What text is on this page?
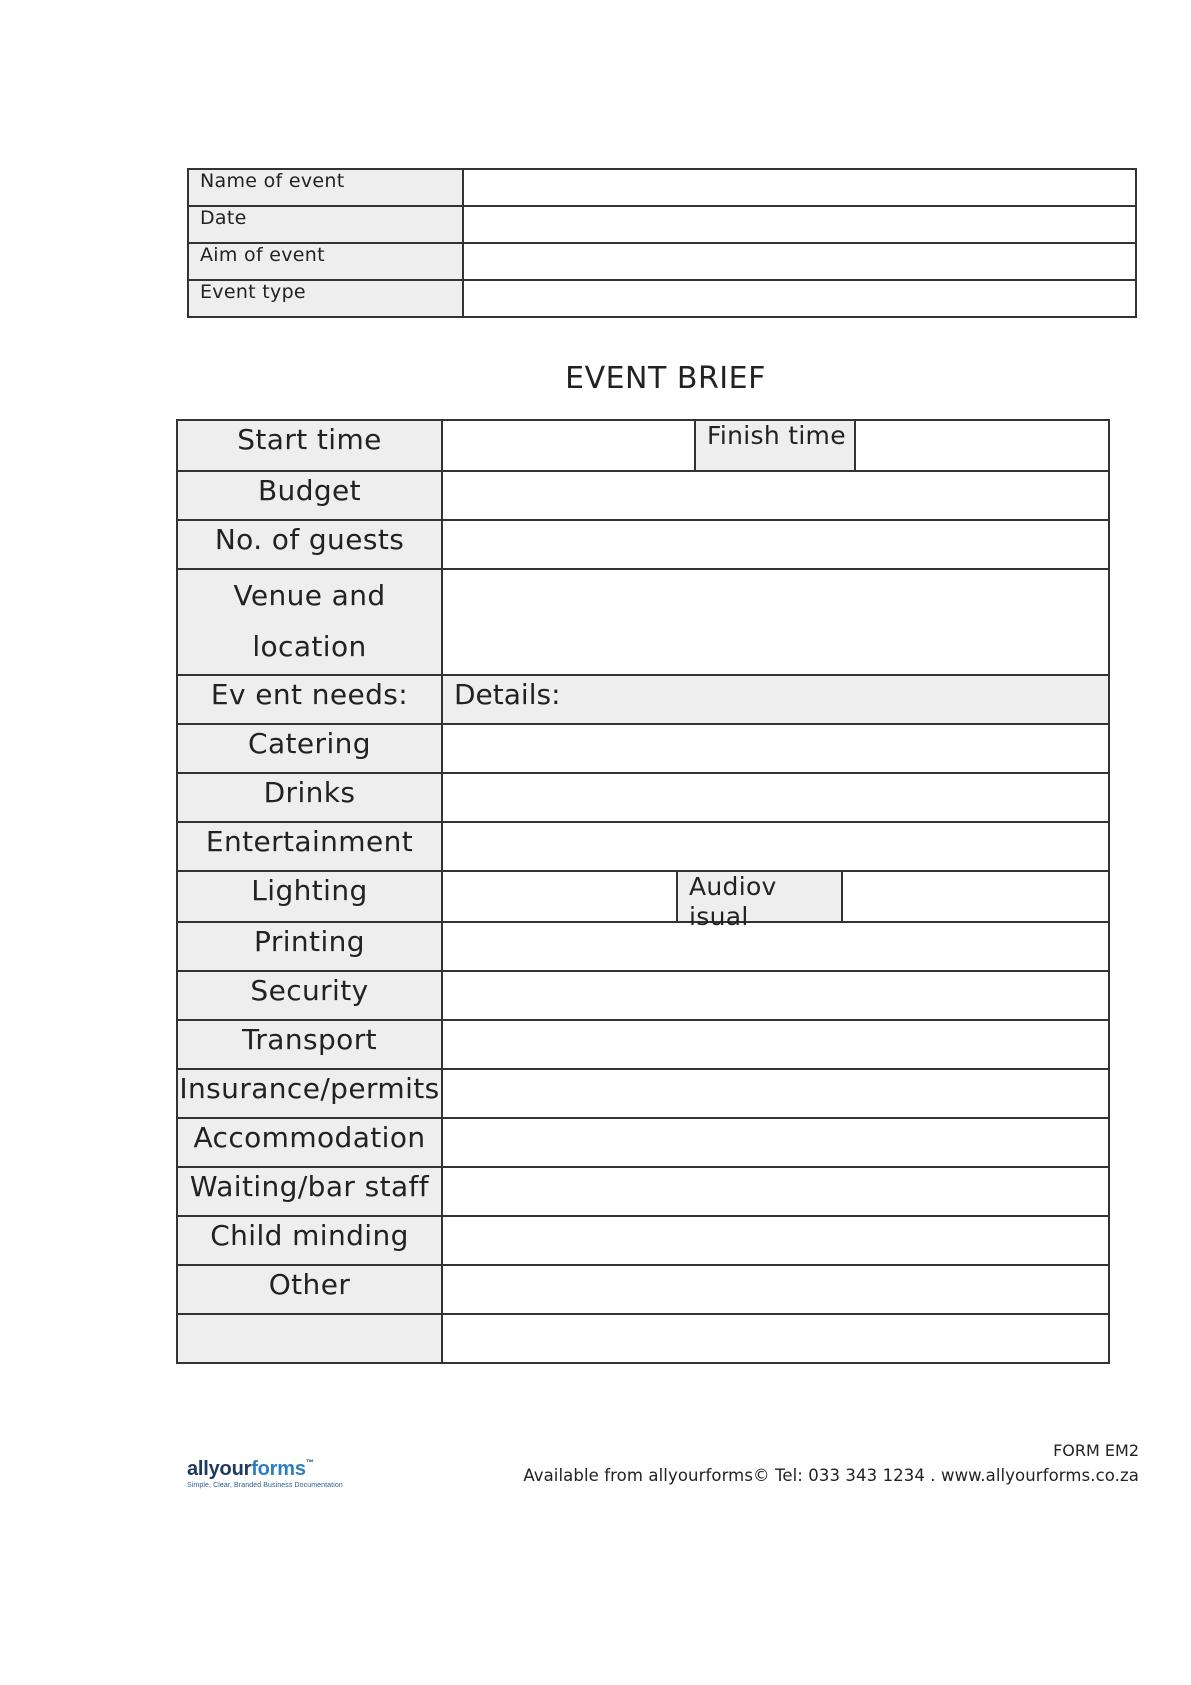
Name of event	
Date	
Aim of event	
Event type	
EVENT BRIEF
Start time	Finish time

Budget	
No. of guests	

Venue and
location	

Ev ent needs:	Details:
Catering	
Drinks	
Entertainment	
Lighting	Audiov isual

Printing	
Security	
Transport	
Insurance/permits	
Accommodation	
Waiting/bar staff	
Child minding	
Other	

allyourforms™
Simple, Clear, Branded Business Documentation
FORM EM2
Available from allyourforms© Tel: 033 343 1234 . www.allyourforms.co.za
